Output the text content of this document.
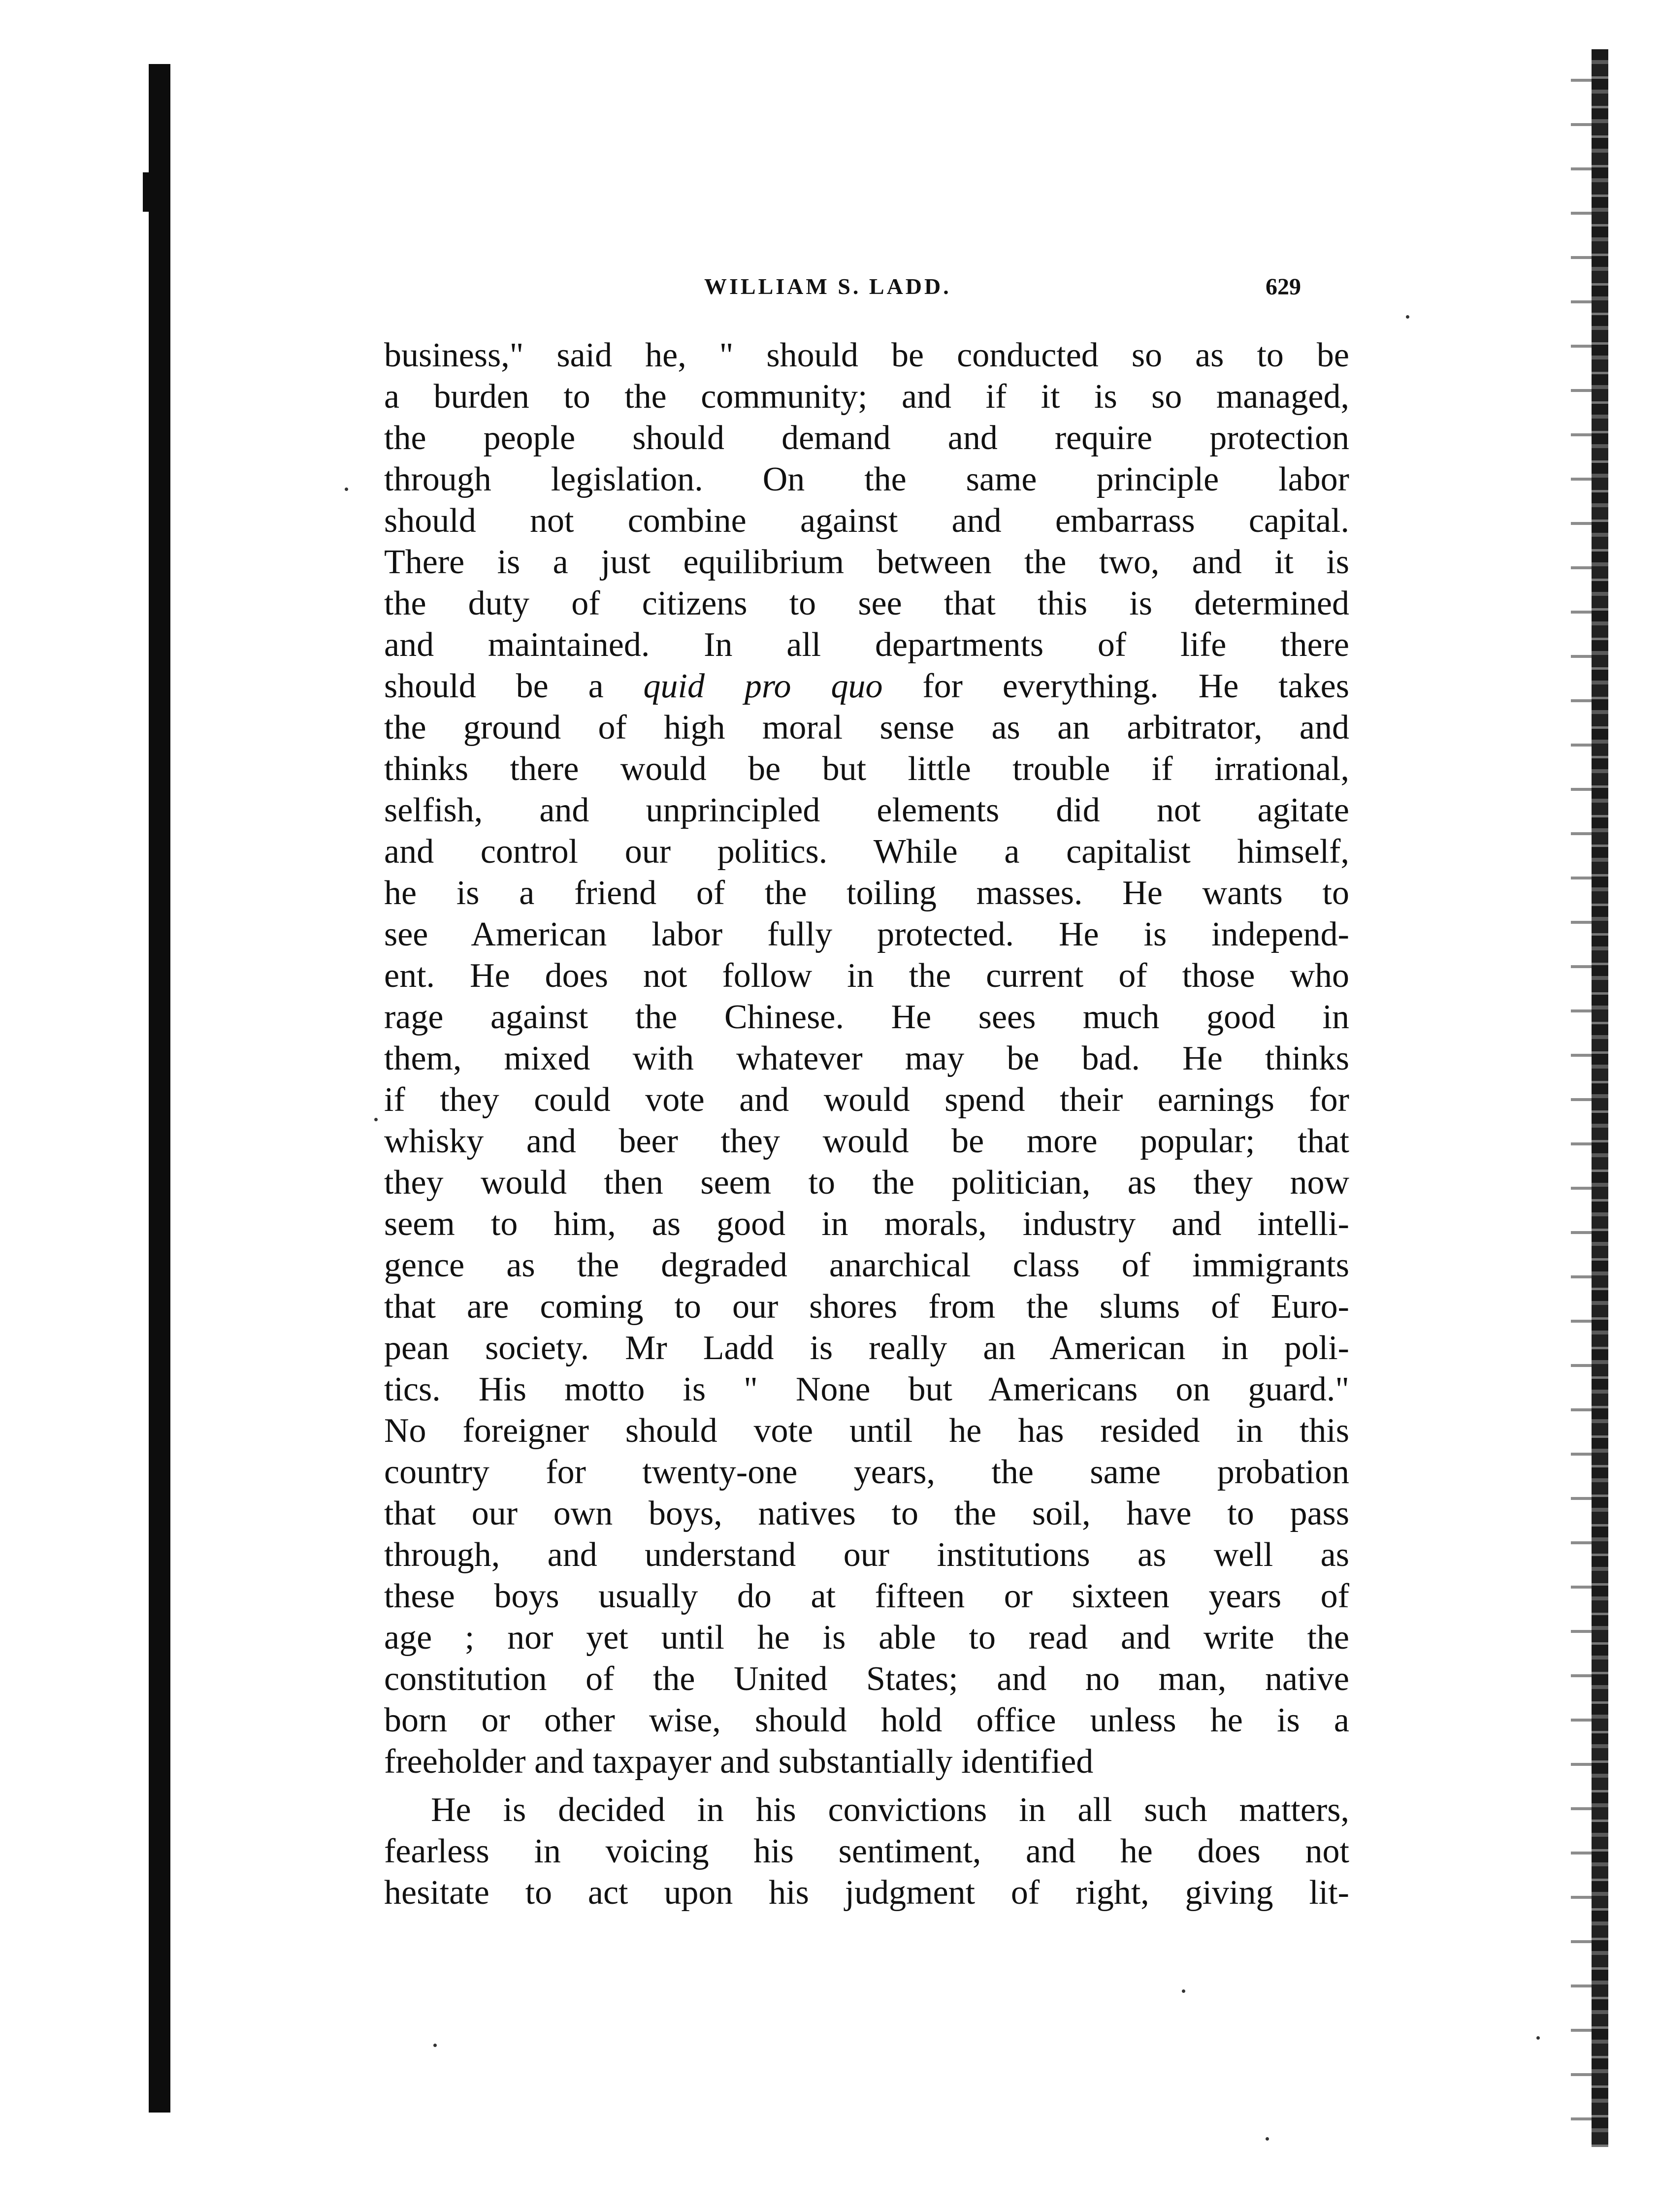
WILLIAM S. LADD.	629
business," said he, " should be conducted so as to be
a burden to the community; and if it is so managed,
the people should demand and require protection
through legislation. On the same principle labor
should not combine against and embarrass capital.
There is a just equilibrium between the two, and it is
the duty of citizens to see that this is determined
and maintained. In all departments of life there
should be a quid pro quo for everything. He takes
the ground of high moral sense as an arbitrator, and
thinks there would be but little trouble if irrational,
selfish, and unprincipled elements did not agitate
and control our politics. While a capitalist himself,
he is a friend of the toiling masses. He wants to
see American labor fully protected. He is independ-
ent. He does not follow in the current of those who
rage against the Chinese. He sees much good in
them, mixed with whatever may be bad. He thinks
if they could vote and would spend their earnings for
whisky and beer they would be more popular; that
they would then seem to the politician, as they now
seem to him, as good in morals, industry and intelli-
gence as the degraded anarchical class of immigrants
that are coming to our shores from the slums of Euro-
pean society. Mr Ladd is really an American in poli-
tics. His motto is " None but Americans on guard."
No foreigner should vote until he has resided in this
country for twenty-one years, the same probation
that our own boys, natives to the soil, have to pass
through, and understand our institutions as well as
these boys usually do at fifteen or sixteen years of
age ; nor yet until he is able to read and write the
constitution of the United States; and no man, native
born or other wise, should hold office unless he is a
freeholder and taxpayer and substantially identified
He is decided in his convictions in all such matters,
fearless in voicing his sentiment, and he does not
hesitate to act upon his judgment of right, giving lit-
